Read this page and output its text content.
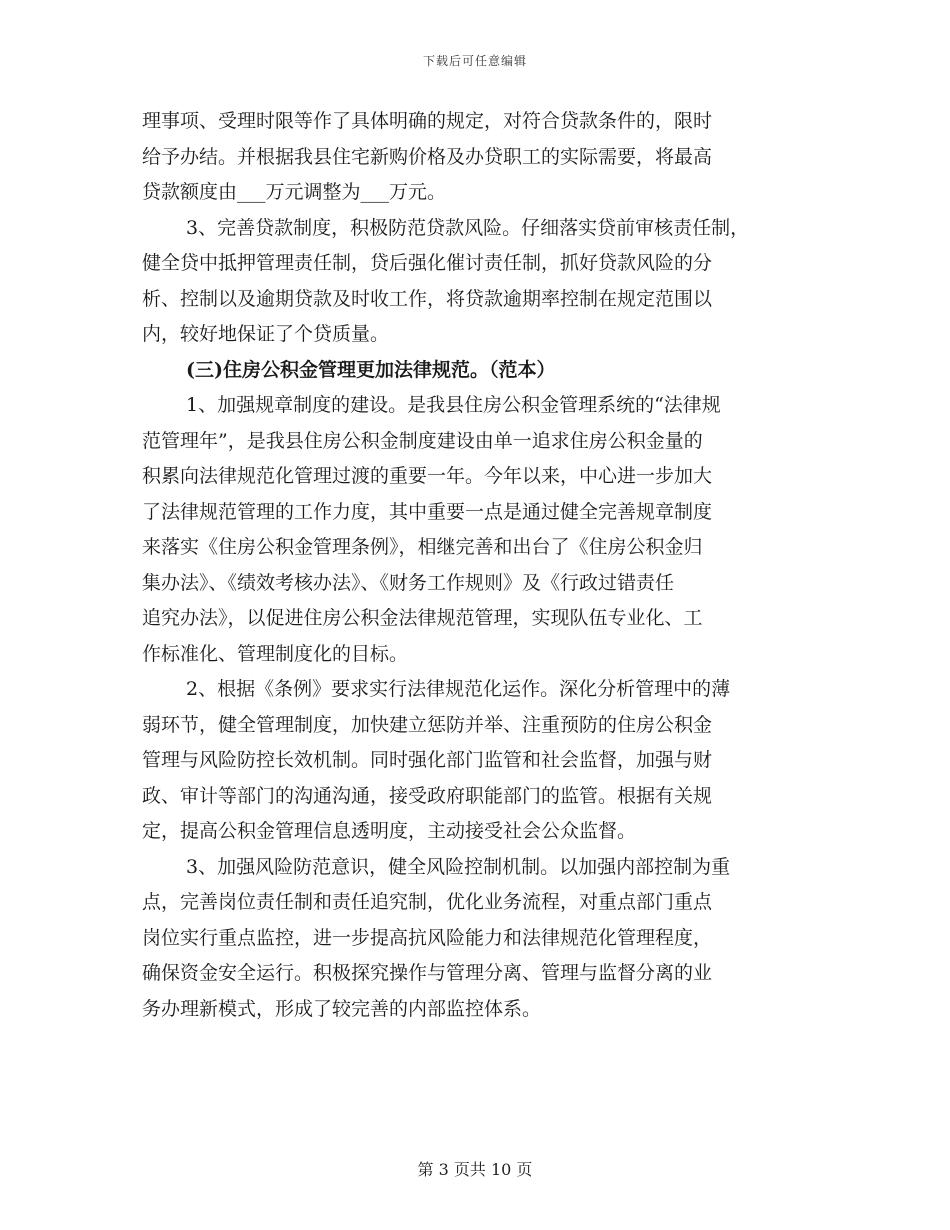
下载后可任意编辑
理事项、受理时限等作了具体明确的规定，对符合贷款条件的，限时
给予办结。并根据我县住宅新购价格及办贷职工的实际需要，将最高
贷款额度由___万元调整为___万元。
3、完善贷款制度，积极防范贷款风险。仔细落实贷前审核责任制，
健全贷中抵押管理责任制，贷后强化催讨责任制，抓好贷款风险的分
析、控制以及逾期贷款及时收工作，将贷款逾期率控制在规定范围以
内，较好地保证了个贷质量。
(三)住房公积金管理更加法律规范。（范本）
1、加强规章制度的建设。是我县住房公积金管理系统的“法律规
范管理年”，是我县住房公积金制度建设由单一追求住房公积金量的
积累向法律规范化管理过渡的重要一年。今年以来，中心进一步加大
了法律规范管理的工作力度，其中重要一点是通过健全完善规章制度
来落实《住房公积金管理条例》，相继完善和出台了《住房公积金归
集办法》、《绩效考核办法》、《财务工作规则》及《行政过错责任
追究办法》，以促进住房公积金法律规范管理，实现队伍专业化、工
作标准化、管理制度化的目标。
2、根据《条例》要求实行法律规范化运作。深化分析管理中的薄
弱环节，健全管理制度，加快建立惩防并举、注重预防的住房公积金
管理与风险防控长效机制。同时强化部门监管和社会监督，加强与财
政、审计等部门的沟通沟通，接受政府职能部门的监管。根据有关规
定，提高公积金管理信息透明度，主动接受社会公众监督。
3、加强风险防范意识，健全风险控制机制。以加强内部控制为重
点，完善岗位责任制和责任追究制，优化业务流程，对重点部门重点
岗位实行重点监控，进一步提高抗风险能力和法律规范化管理程度，
确保资金安全运行。积极探究操作与管理分离、管理与监督分离的业
务办理新模式，形成了较完善的内部监控体系。
第 3 页共 10 页
